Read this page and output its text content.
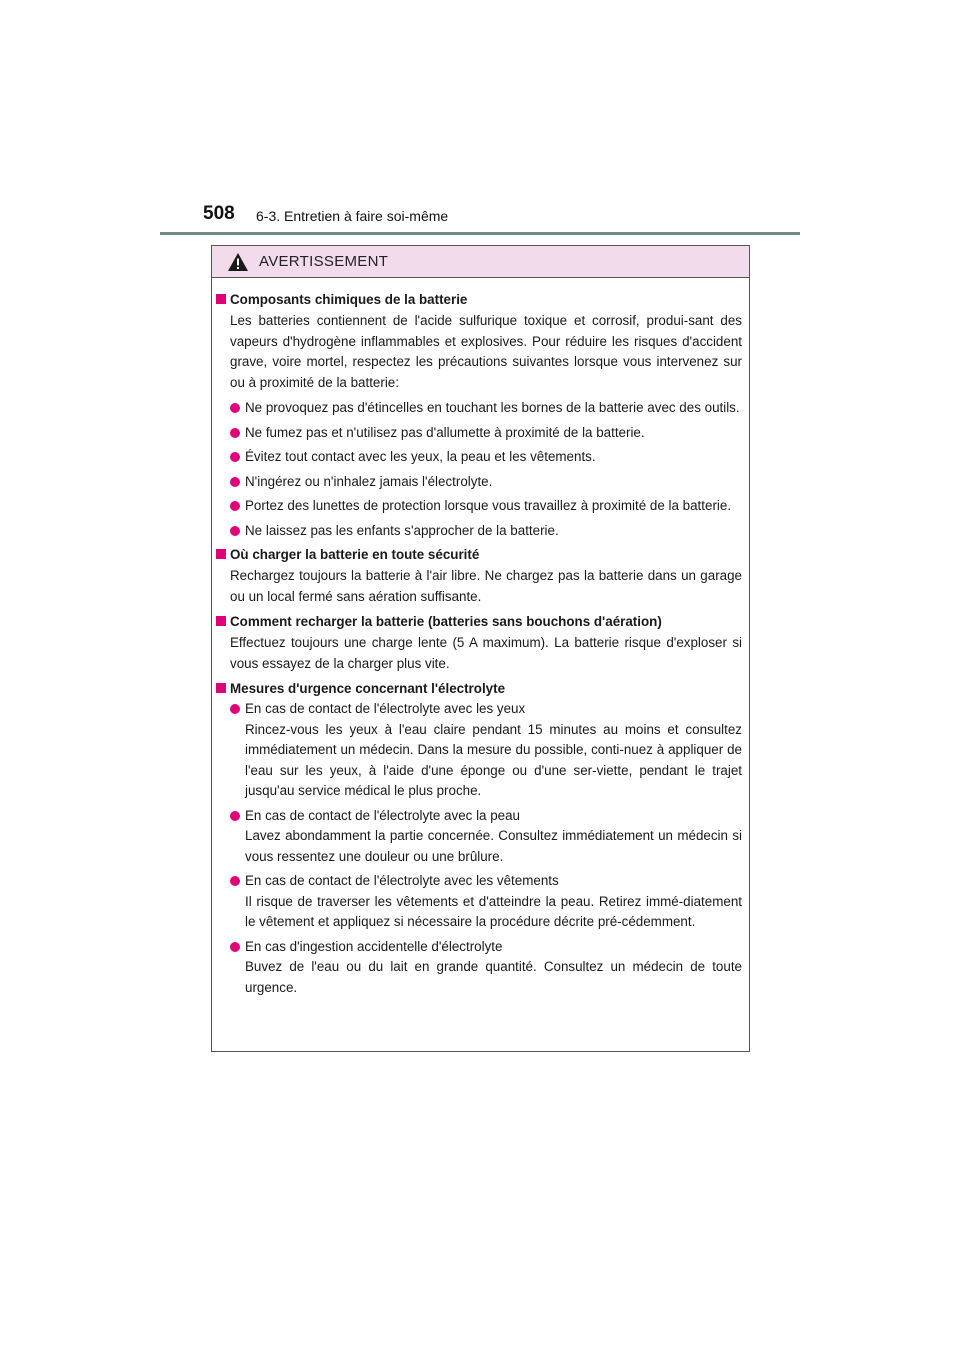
508 6-3. Entretien à faire soi-même
AVERTISSEMENT
Composants chimiques de la batterie
Les batteries contiennent de l'acide sulfurique toxique et corrosif, produi-sant des vapeurs d'hydrogène inflammables et explosives. Pour réduire les risques d'accident grave, voire mortel, respectez les précautions suivantes lorsque vous intervenez sur ou à proximité de la batterie:
Ne provoquez pas d'étincelles en touchant les bornes de la batterie avec des outils.
Ne fumez pas et n'utilisez pas d'allumette à proximité de la batterie.
Évitez tout contact avec les yeux, la peau et les vêtements.
N'ingérez ou n'inhalez jamais l'électrolyte.
Portez des lunettes de protection lorsque vous travaillez à proximité de la batterie.
Ne laissez pas les enfants s'approcher de la batterie.
Où charger la batterie en toute sécurité
Rechargez toujours la batterie à l'air libre. Ne chargez pas la batterie dans un garage ou un local fermé sans aération suffisante.
Comment recharger la batterie (batteries sans bouchons d'aération)
Effectuez toujours une charge lente (5 A maximum). La batterie risque d'exploser si vous essayez de la charger plus vite.
Mesures d'urgence concernant l'électrolyte
En cas de contact de l'électrolyte avec les yeux
Rincez-vous les yeux à l'eau claire pendant 15 minutes au moins et consultez immédiatement un médecin. Dans la mesure du possible, conti-nuez à appliquer de l'eau sur les yeux, à l'aide d'une éponge ou d'une ser-viette, pendant le trajet jusqu'au service médical le plus proche.
En cas de contact de l'électrolyte avec la peau
Lavez abondamment la partie concernée. Consultez immédiatement un médecin si vous ressentez une douleur ou une brûlure.
En cas de contact de l'électrolyte avec les vêtements
Il risque de traverser les vêtements et d'atteindre la peau. Retirez immé-diatement le vêtement et appliquez si nécessaire la procédure décrite pré-cédemment.
En cas d'ingestion accidentelle d'électrolyte
Buvez de l'eau ou du lait en grande quantité. Consultez un médecin de toute urgence.
